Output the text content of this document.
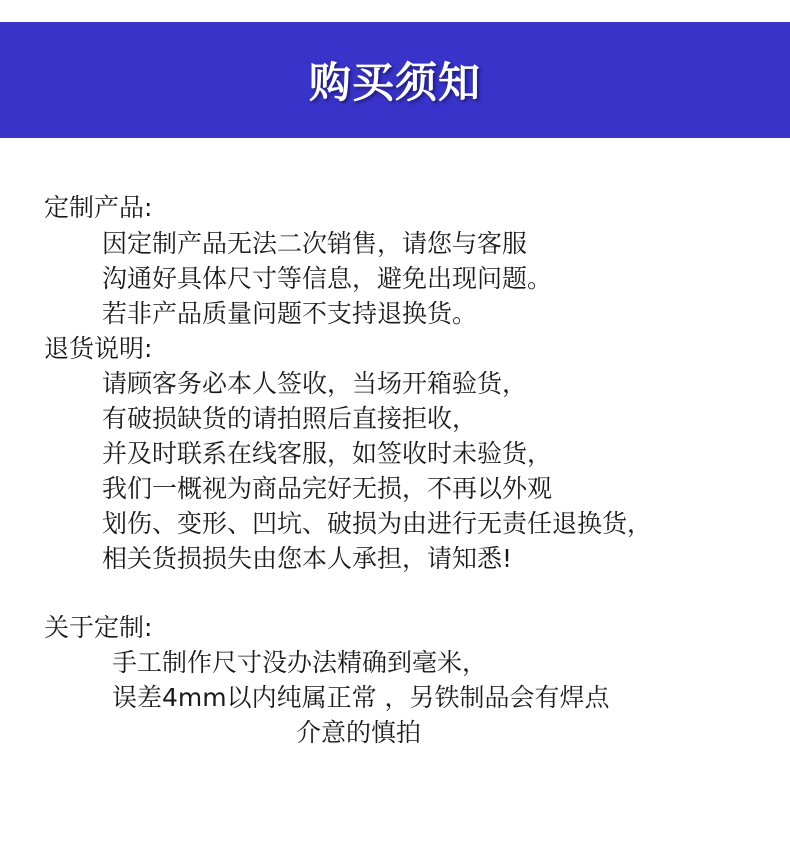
购买须知
定制产品:
因定制产品无法二次销售，请您与客服
沟通好具体尺寸等信息，避免出现问题。
若非产品质量问题不支持退换货。
退货说明:
请顾客务必本人签收，当场开箱验货，
有破损缺货的请拍照后直接拒收，
并及时联系在线客服，如签收时未验货，
我们一概视为商品完好无损，不再以外观
划伤、变形、凹坑、破损为由进行无责任退换货，
相关货损损失由您本人承担，请知悉!
关于定制:
手工制作尺寸没办法精确到毫米，
误差4mm以内纯属正常 ，另铁制品会有焊点
介意的慎拍
